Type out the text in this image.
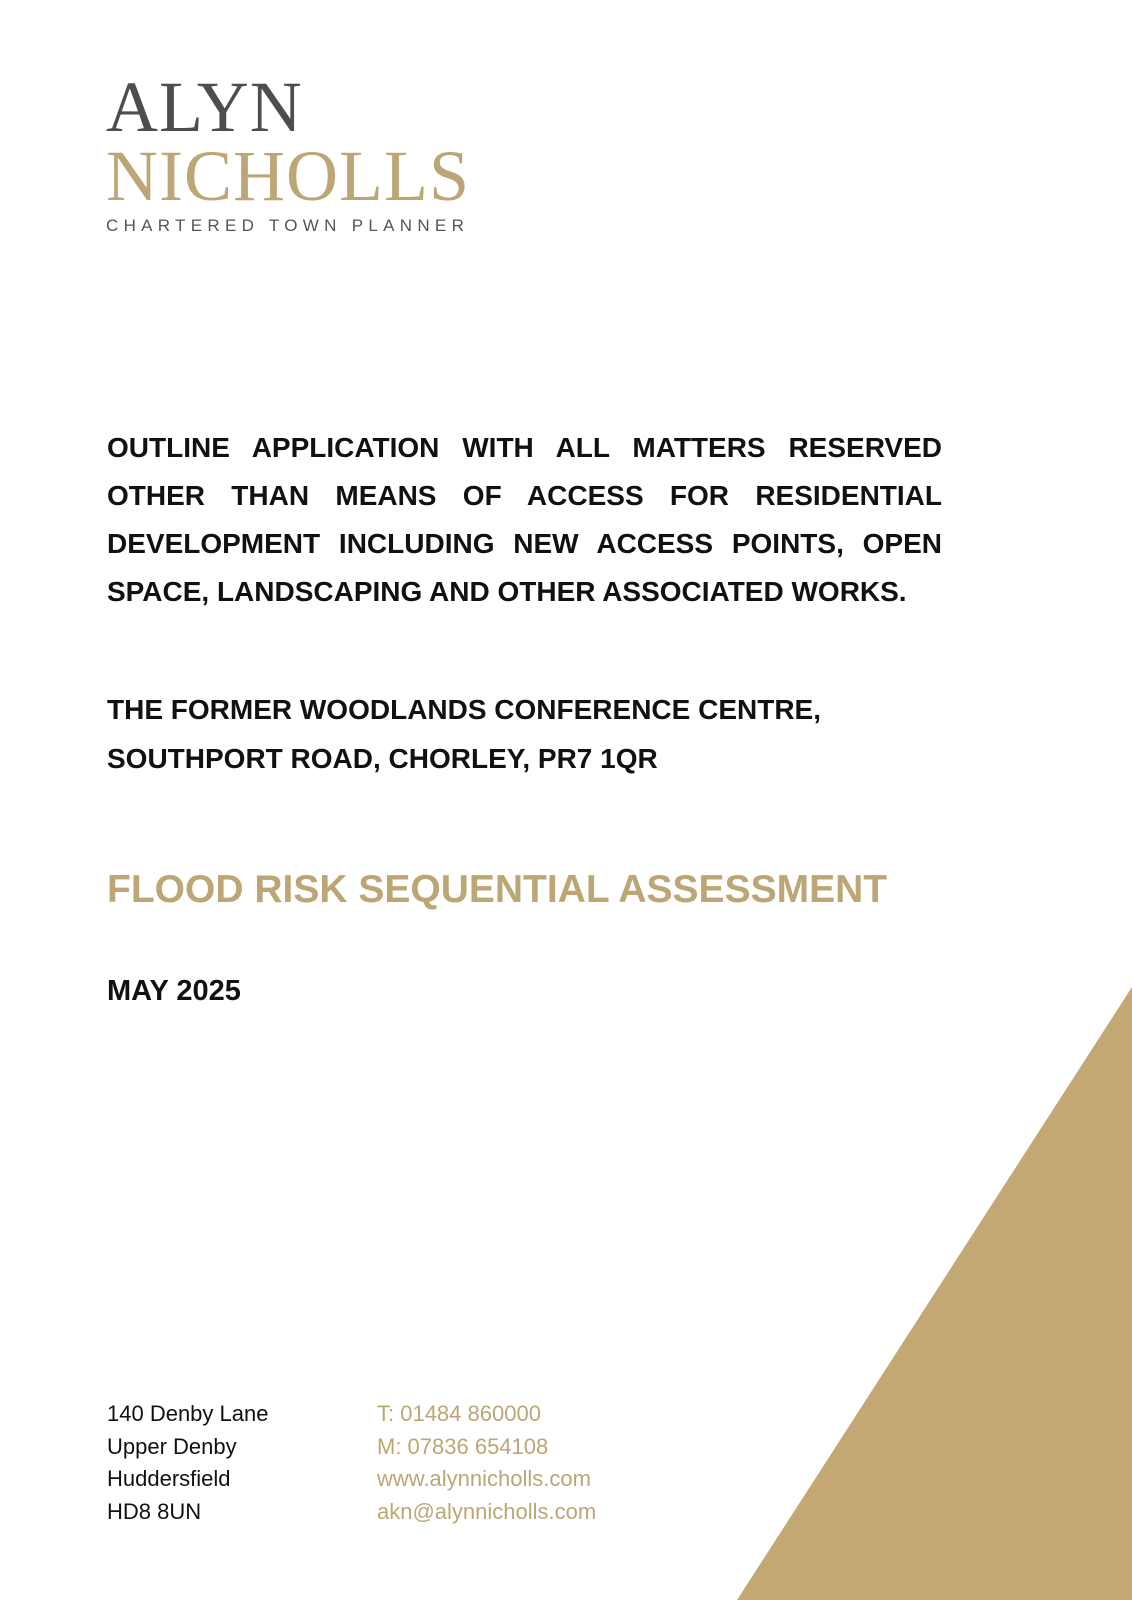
ALYN
NICHOLLS
CHARTERED TOWN PLANNER
OUTLINE APPLICATION WITH ALL MATTERS RESERVED OTHER THAN MEANS OF ACCESS FOR RESIDENTIAL DEVELOPMENT INCLUDING NEW ACCESS POINTS, OPEN SPACE, LANDSCAPING AND OTHER ASSOCIATED WORKS.
THE FORMER WOODLANDS CONFERENCE CENTRE,
SOUTHPORT ROAD, CHORLEY, PR7 1QR
FLOOD RISK SEQUENTIAL ASSESSMENT
MAY 2025
140 Denby Lane
Upper Denby
Huddersfield
HD8 8UN
T: 01484 860000
M: 07836 654108
www.alynnicholls.com
akn@alynnicholls.com
